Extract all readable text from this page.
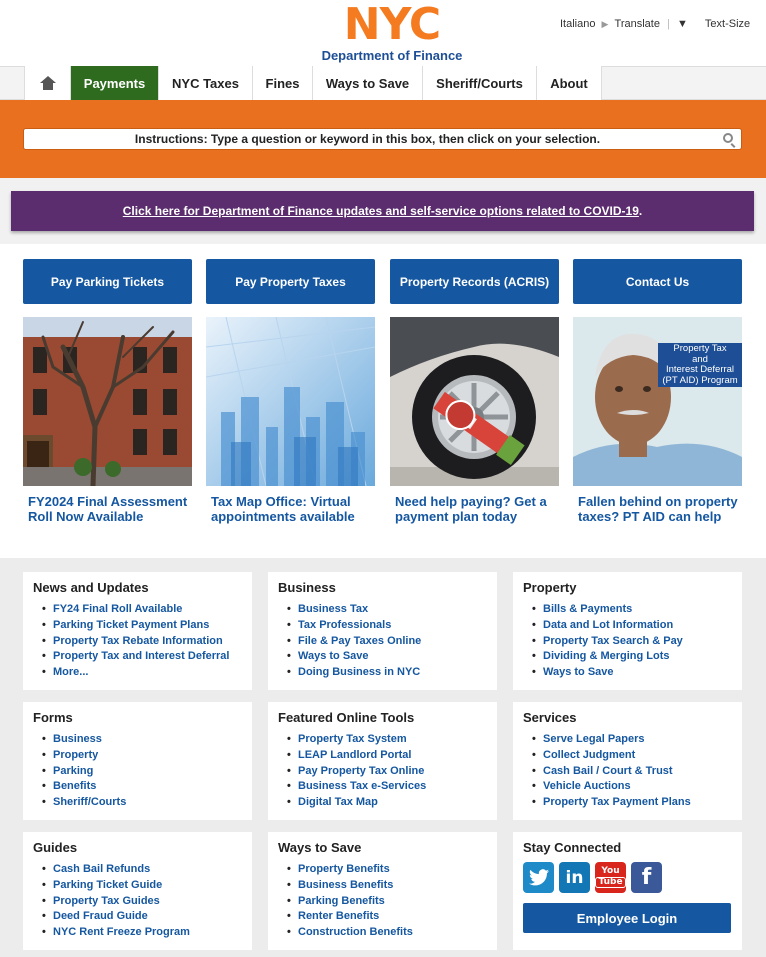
NYC
Department of Finance
Italiano ▶ Translate | ▼ Text-Size
Payments	NYC Taxes	Fines	Ways to Save	Sheriff/Courts	About
Instructions: Type a question or keyword in this box, then click on your selection.
Click here for Department of Finance updates and self-service options related to COVID-19 .
Pay Parking Tickets
FY2024 Final Assessment Roll Now Available
Pay Property Taxes
Tax Map Office: Virtual appointments available
Property Records (ACRIS)
Need help paying? Get a payment plan today
Contact Us
Property Tax
and
Interest Deferral
(PT AID) Program
Fallen behind on property taxes? PT AID can help
News and Updates
• FY24 Final Roll Available
• Parking Ticket Payment Plans
• Property Tax Rebate Information
• Property Tax and Interest Deferral
• More...
Business
• Business Tax
• Tax Professionals
• File & Pay Taxes Online
• Ways to Save
• Doing Business in NYC
Property
• Bills & Payments
• Data and Lot Information
• Property Tax Search & Pay
• Dividing & Merging Lots
• Ways to Save
Forms
• Business
• Property
• Parking
• Benefits
• Sheriff/Courts
Featured Online Tools
• Property Tax System
• LEAP Landlord Portal
• Pay Property Tax Online
• Business Tax e-Services
• Digital Tax Map
Services
• Serve Legal Papers
• Collect Judgment
• Cash Bail / Court & Trust
• Vehicle Auctions
• Property Tax Payment Plans
Guides
• Cash Bail Refunds
• Parking Ticket Guide
• Property Tax Guides
• Deed Fraud Guide
• NYC Rent Freeze Program
Ways to Save
• Property Benefits
• Business Benefits
• Parking Benefits
• Renter Benefits
• Construction Benefits
Stay Connected
in	You
Tube f
Employee Login
